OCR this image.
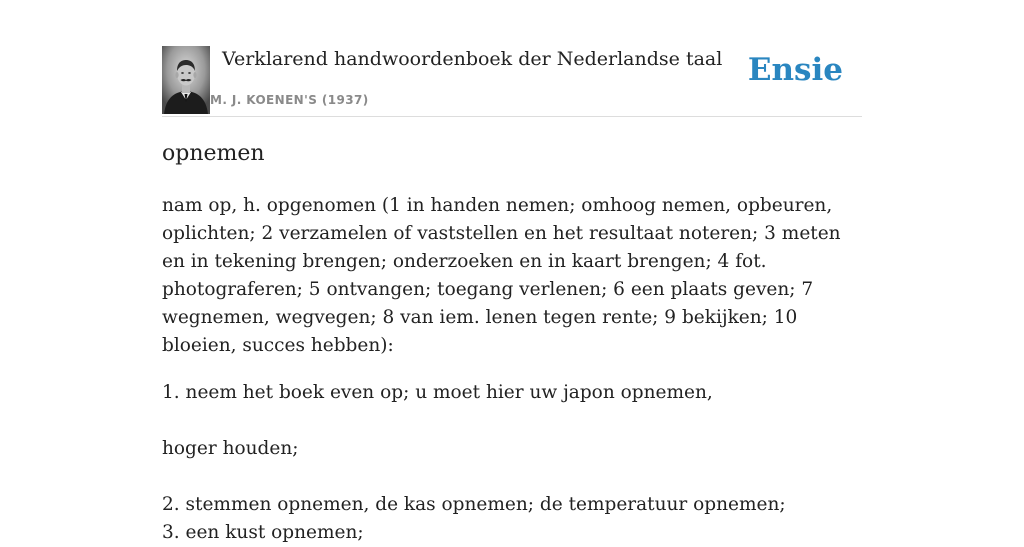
Verklarend handwoordenboek der Nederlandse taal
M. J. KOENEN'S (1937)
Ensie
opnemen

nam op, h. opgenomen (1 in handen nemen; omhoog nemen, opbeuren, oplichten; 2 verzamelen of vaststellen en het resultaat noteren; 3 meten en in tekening brengen; onderzoeken en in kaart brengen; 4 fot. photograferen; 5 ontvangen; toegang verlenen; 6 een plaats geven; 7 wegnemen, wegvegen; 8 van iem. lenen tegen rente; 9 bekijken; 10 bloeien, succes hebben):

1. neem het boek even op; u moet hier uw japon opnemen,

hoger houden;

2. stemmen opnemen, de kas opnemen; de temperatuur opnemen;

3. een kust opnemen;
